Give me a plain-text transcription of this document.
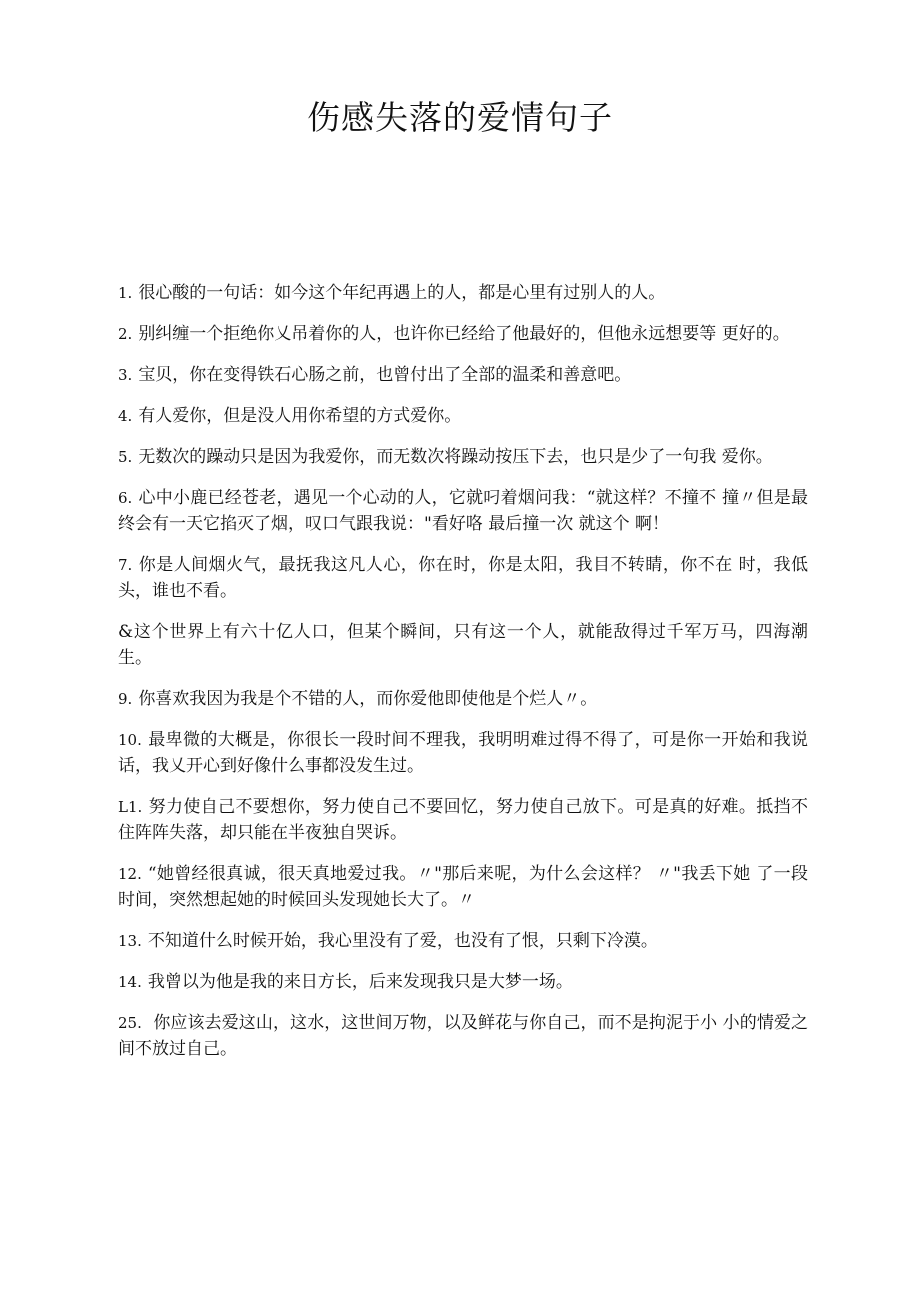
伤感失落的爱情句子
1. 很心酸的一句话：如今这个年纪再遇上的人，都是心里有过别人的人。
2. 别纠缠一个拒绝你乂吊着你的人，也许你已经给了他最好的，但他永远想要等 更好的。
3. 宝贝，你在变得铁石心肠之前，也曾付出了全部的温柔和善意吧。
4. 有人爱你，但是没人用你希望的方式爱你。
5. 无数次的躁动只是因为我爱你，而无数次将躁动按压下去，也只是少了一句我 爱你。
6. 心中小鹿已经苍老，遇见一个心动的人，它就叼着烟问我：“就这样？不撞不 撞〃但是最终会有一天它掐灭了烟，叹口气跟我说："看好咯 最后撞一次 就这个 啊！
7. 你是人间烟火气，最抚我这凡人心，你在时，你是太阳，我目不转睛，你不在 时，我低头，谁也不看。
&这个世界上有六十亿人口，但某个瞬间，只有这一个人，就能敌得过千军万马，四海潮生。
9. 你喜欢我因为我是个不错的人，而你爱他即使他是个烂人〃。
10. 最卑微的大概是，你很长一段时间不理我，我明明难过得不得了，可是你一开始和我说话，我乂开心到好像什么事都没发生过。
L1. 努力使自己不要想你，努力使自己不要回忆，努力使自己放下。可是真的好难。抵挡不住阵阵失落，却只能在半夜独自哭诉。
12. “她曾经很真诚，很天真地爱过我。〃"那后来呢，为什么会这样？ 〃"我丢下她 了一段时间，突然想起她的时候回头发现她长大了。〃
13. 不知道什么时候开始，我心里没有了爱，也没有了恨，只剩下冷漠。
14. 我曾以为他是我的来日方长，后来发现我只是大梦一场。
25. 你应该去爱这山，这水，这世间万物，以及鲜花与你自己，而不是拘泥于小 小的情爱之间不放过自己。
